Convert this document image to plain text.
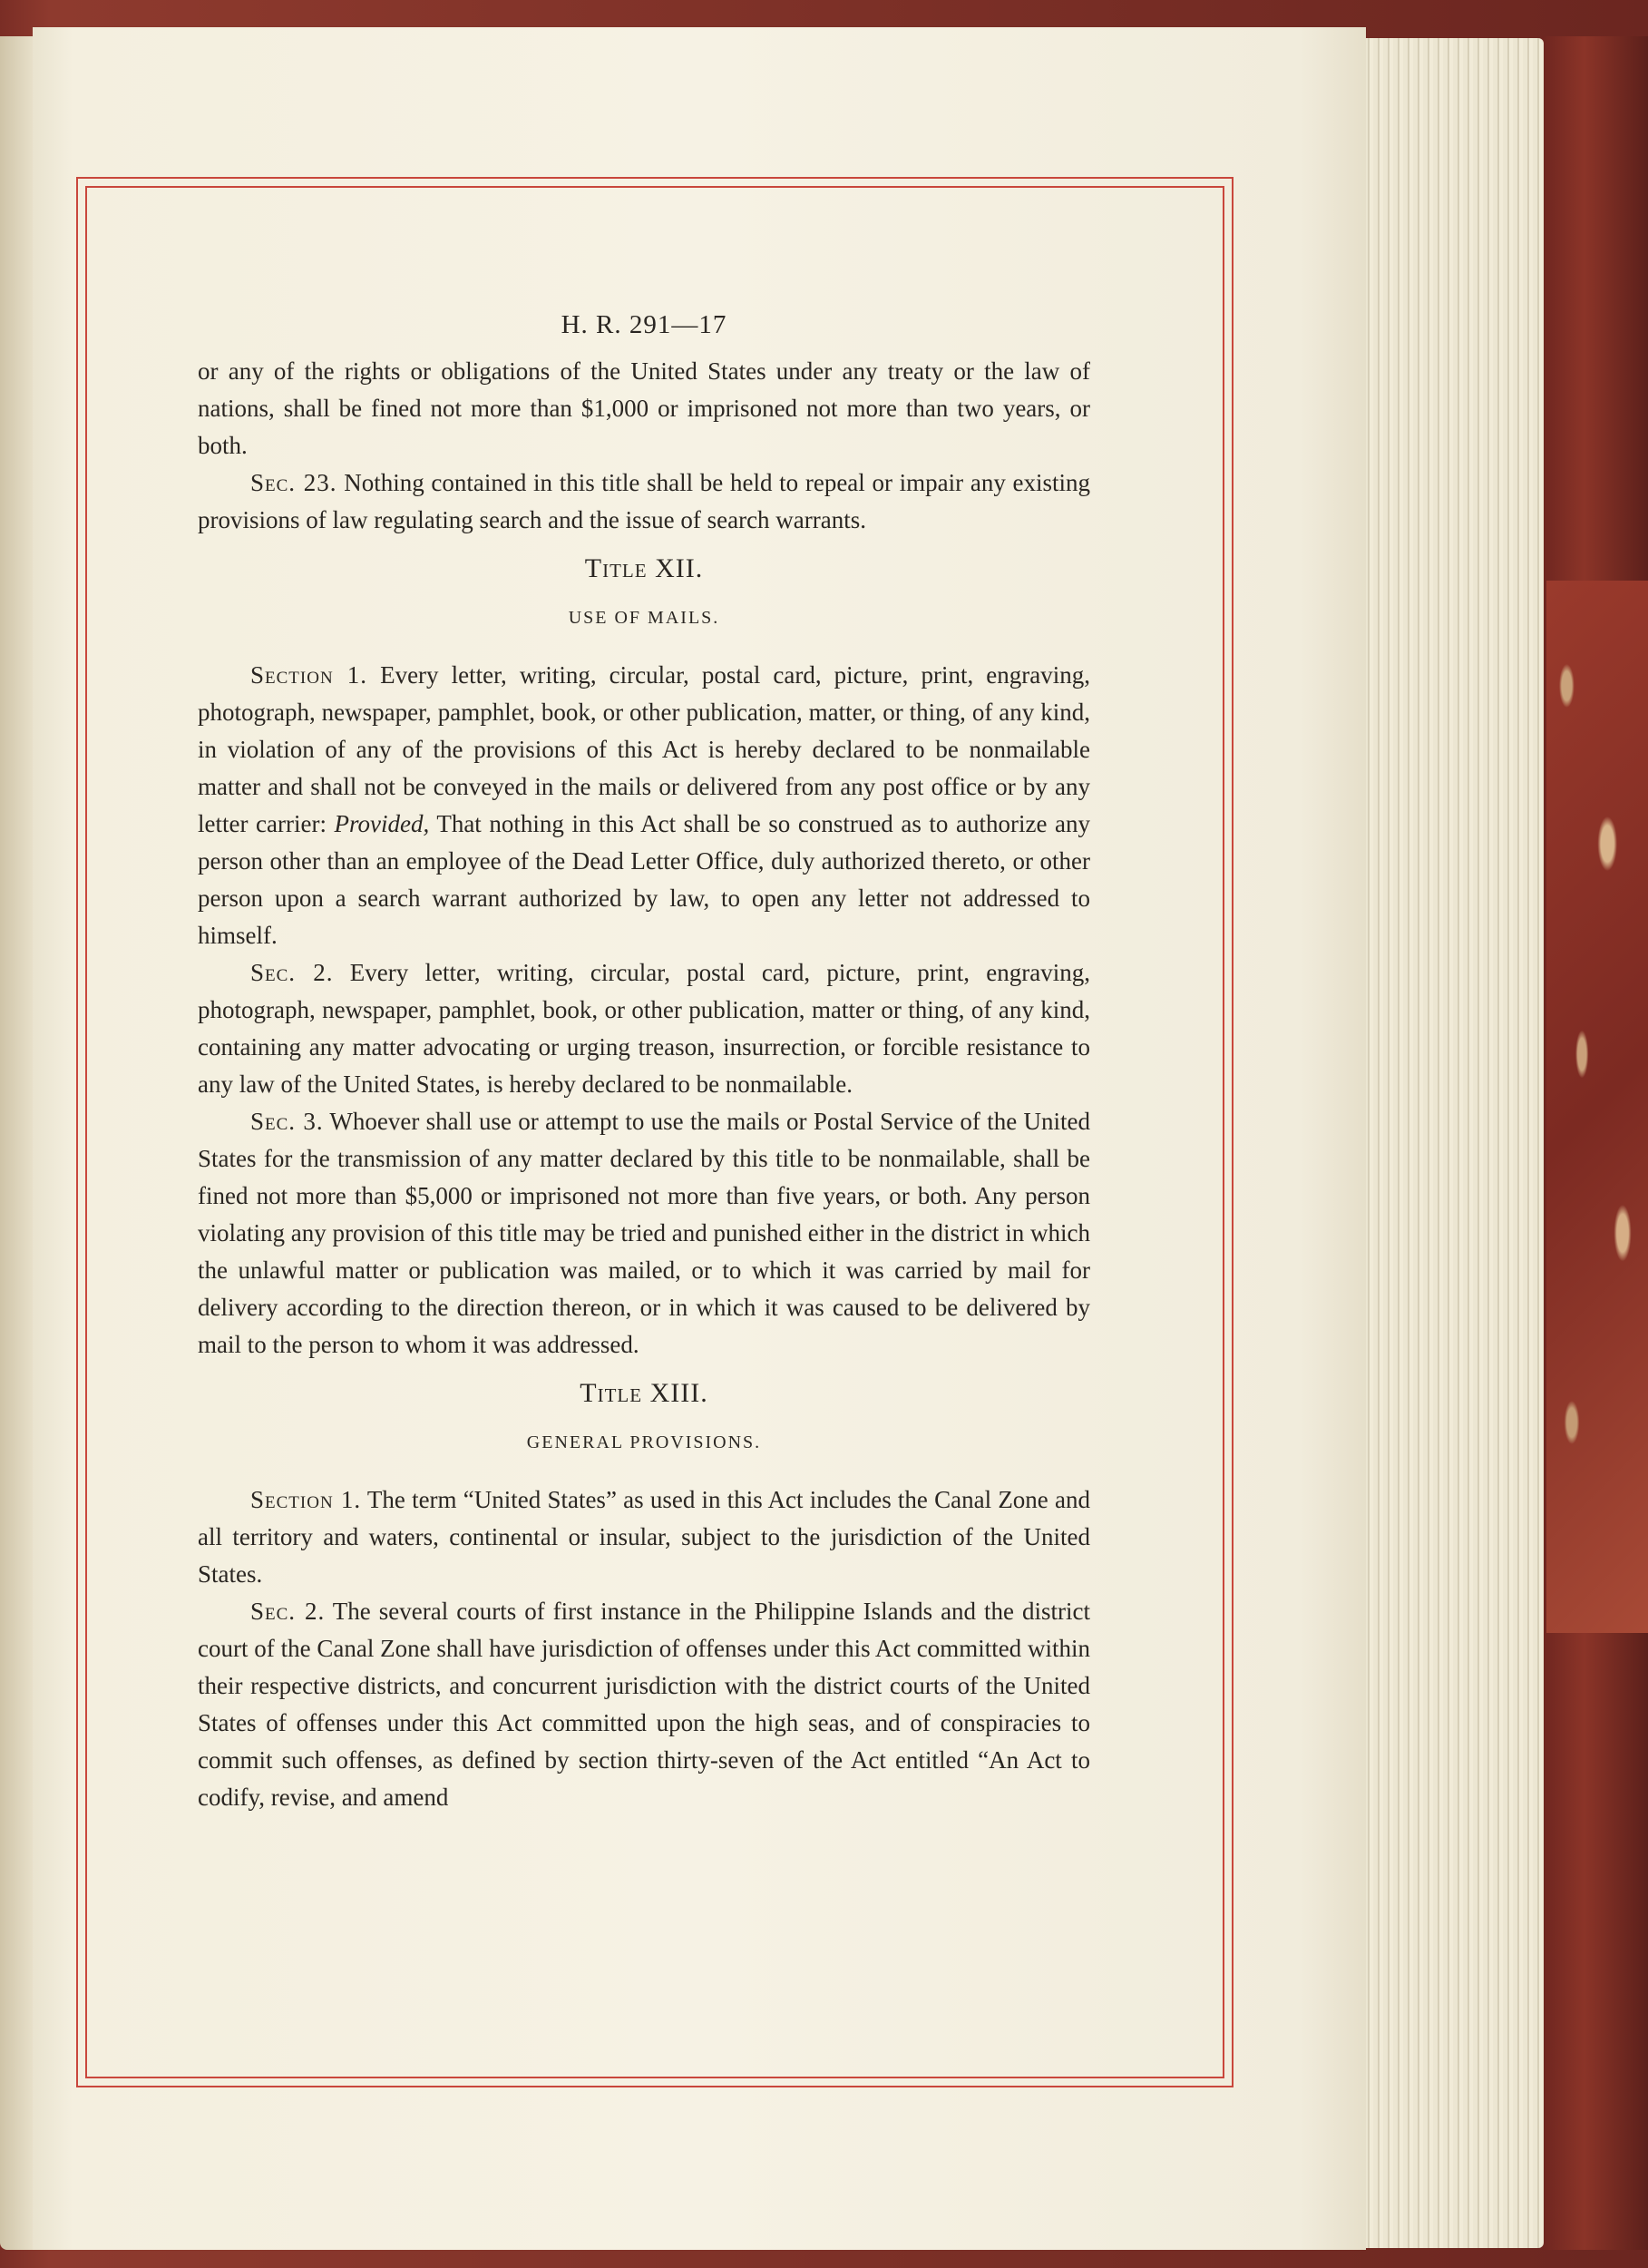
H. R. 291—17

or any of the rights or obligations of the United States under any treaty or the law of nations, shall be fined not more than $1,000 or imprisoned not more than two years, or both.

Sec. 23. Nothing contained in this title shall be held to repeal or impair any existing provisions of law regulating search and the issue of search warrants.

Title XII.
USE OF MAILS.

Section 1. Every letter, writing, circular, postal card, picture, print, engraving, photograph, newspaper, pamphlet, book, or other publication, matter, or thing, of any kind, in violation of any of the provisions of this Act is hereby declared to be nonmailable matter and shall not be conveyed in the mails or delivered from any post office or by any letter carrier: Provided, That nothing in this Act shall be so construed as to authorize any person other than an employee of the Dead Letter Office, duly authorized thereto, or other person upon a search warrant authorized by law, to open any letter not addressed to himself.

Sec. 2. Every letter, writing, circular, postal card, picture, print, engraving, photograph, newspaper, pamphlet, book, or other publication, matter or thing, of any kind, containing any matter advocating or urging treason, insurrection, or forcible resistance to any law of the United States, is hereby declared to be nonmailable.

Sec. 3. Whoever shall use or attempt to use the mails or Postal Service of the United States for the transmission of any matter declared by this title to be nonmailable, shall be fined not more than $5,000 or imprisoned not more than five years, or both. Any person violating any provision of this title may be tried and punished either in the district in which the unlawful matter or publication was mailed, or to which it was carried by mail for delivery according to the direction thereon, or in which it was caused to be delivered by mail to the person to whom it was addressed.

Title XIII.
GENERAL PROVISIONS.

Section 1. The term “United States” as used in this Act includes the Canal Zone and all territory and waters, continental or insular, subject to the jurisdiction of the United States.

Sec. 2. The several courts of first instance in the Philippine Islands and the district court of the Canal Zone shall have jurisdiction of offenses under this Act committed within their respective districts, and concurrent jurisdiction with the district courts of the United States of offenses under this Act committed upon the high seas, and of conspiracies to commit such offenses, as defined by section thirty-seven of the Act entitled “An Act to codify, revise, and amend
